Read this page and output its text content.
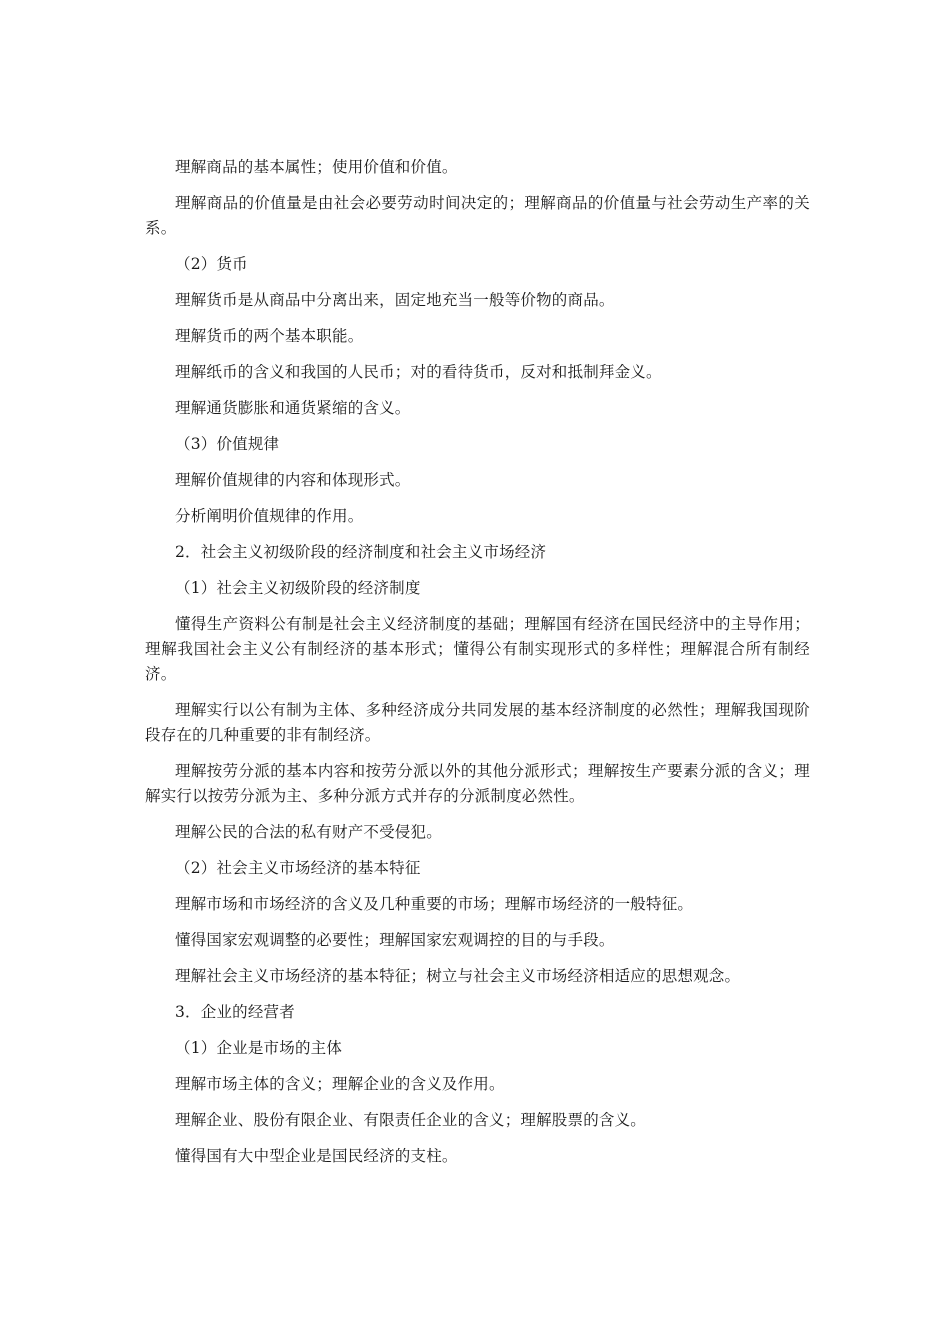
理解商品的基本属性；使用价值和价值。

理解商品的价值量是由社会必要劳动时间决定的；理解商品的价值量与社会劳动生产率的关系。

（2）货币

理解货币是从商品中分离出来，固定地充当一般等价物的商品。

理解货币的两个基本职能。

理解纸币的含义和我国的人民币；对的看待货币，反对和抵制拜金义。

理解通货膨胀和通货紧缩的含义。

（3）价值规律

理解价值规律的内容和体现形式。

分析阐明价值规律的作用。

2．社会主义初级阶段的经济制度和社会主义市场经济

（1）社会主义初级阶段的经济制度

懂得生产资料公有制是社会主义经济制度的基础；理解国有经济在国民经济中的主导作用；理解我国社会主义公有制经济的基本形式；懂得公有制实现形式的多样性；理解混合所有制经济。

理解实行以公有制为主体、多种经济成分共同发展的基本经济制度的必然性；理解我国现阶段存在的几种重要的非有制经济。

理解按劳分派的基本内容和按劳分派以外的其他分派形式；理解按生产要素分派的含义；理解实行以按劳分派为主、多种分派方式并存的分派制度必然性。

理解公民的合法的私有财产不受侵犯。

（2）社会主义市场经济的基本特征

理解市场和市场经济的含义及几种重要的市场；理解市场经济的一般特征。

懂得国家宏观调整的必要性；理解国家宏观调控的目的与手段。

理解社会主义市场经济的基本特征；树立与社会主义市场经济相适应的思想观念。

3．企业的经营者

（1）企业是市场的主体

理解市场主体的含义；理解企业的含义及作用。

理解企业、股份有限企业、有限责任企业的含义；理解股票的含义。

懂得国有大中型企业是国民经济的支柱。
